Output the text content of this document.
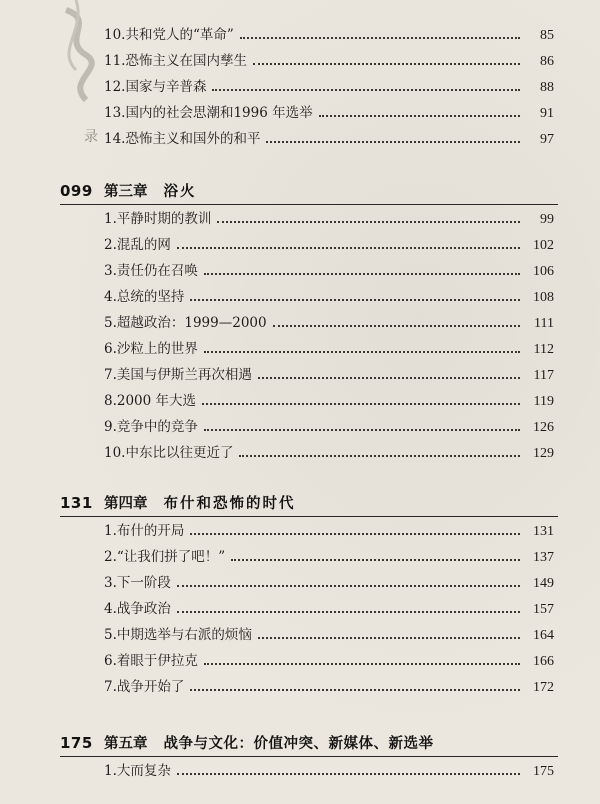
录
10.共和党人的“革命”	85
11.恐怖主义在国内孳生	86
12.国家与辛普森	88
13.国内的社会思潮和1996 年选举	91
14.恐怖主义和国外的和平	97
099 第三章 浴火
1.平静时期的教训	99
2.混乱的网	102
3.责任仍在召唤	106
4.总统的坚持	108
5.超越政治：1999—2000	111
6.沙粒上的世界	112
7.美国与伊斯兰再次相遇	117
8.2000 年大选	119
9.竞争中的竞争	126
10.中东比以往更近了	129
131 第四章 布什和恐怖的时代
1.布什的开局	131
2.“让我们拼了吧！”	137
3.下一阶段	149
4.战争政治	157
5.中期选举与右派的烦恼	164
6.着眼于伊拉克	166
7.战争开始了	172
175 第五章 战争与文化：价值冲突、新媒体、新选举
1.大而复杂	175
